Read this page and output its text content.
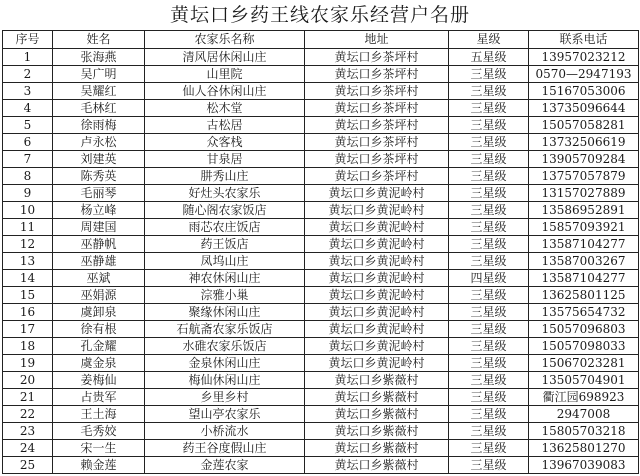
黄坛口乡药王线农家乐经营户名册
序号	姓名	农家乐名称	地址	星级	联系电话
1	张海燕	清风居休闲山庄	黄坛口乡茶坪村	五星级	13957023212
2	吴广明	山里院	黄坛口乡茶坪村	三星级	0570—2947193
3	吴耀红	仙人谷休闲山庄	黄坛口乡茶坪村	三星级	15167053006
4	毛林红	松木堂	黄坛口乡茶坪村	三星级	13735096644
5	徐雨梅	古松居	黄坛口乡茶坪村	三星级	15057058281
6	卢永松	众客栈	黄坛口乡茶坪村	三星级	13732506619
7	刘建英	甘泉居	黄坛口乡茶坪村	三星级	13905709284
8	陈秀英	肼秀山庄	黄坛口乡茶坪村	三星级	13757057879
9	毛丽琴	好灶头农家乐	黄坛口乡黄泥岭村	三星级	13157027889
10	杨立峰	随心阁农家饭店	黄坛口乡黄泥岭村	三星级	13586952891
11	周建国	雨芯农庄饭店	黄坛口乡黄泥岭村	三星级	15857093921
12	巫静帆	药王饭店	黄坛口乡黄泥岭村	三星级	13587104277
13	巫静雄	凤坞山庄	黄坛口乡黄泥岭村	三星级	13587003267
14	巫斌	神农休闲山庄	黄坛口乡黄泥岭村	四星级	13587104277
15	巫娟源	淙雅小巢	黄坛口乡黄泥岭村	三星级	13625801125
16	虞卸泉	聚缘休闲山庄	黄坛口乡黄泥岭村	三星级	13575654732
17	徐有根	石航斋农家乐饭店	黄坛口乡黄泥岭村	三星级	15057096803
18	孔金耀	水碓农家乐饭店	黄坛口乡黄泥岭村	三星级	15057098033
19	虞金泉	金泉休闲山庄	黄坛口乡黄泥岭村	三星级	15067023281
20	姜梅仙	梅仙休闲山庄	黄坛口乡紫薇村	三星级	13505704901
21	占贵军	乡里乡村	黄坛口乡紫薇村	三星级	衢江园698923
22	王土海	望山亭农家乐	黄坛口乡紫薇村	三星级	2947008
23	毛秀姣	小桥流水	黄坛口乡紫薇村	三星级	15805703218
24	宋一生	药王谷度假山庄	黄坛口乡紫薇村	三星级	13625801270
25	赖金莲	金莲农家	黄坛口乡紫薇村	三星级	13967039083
